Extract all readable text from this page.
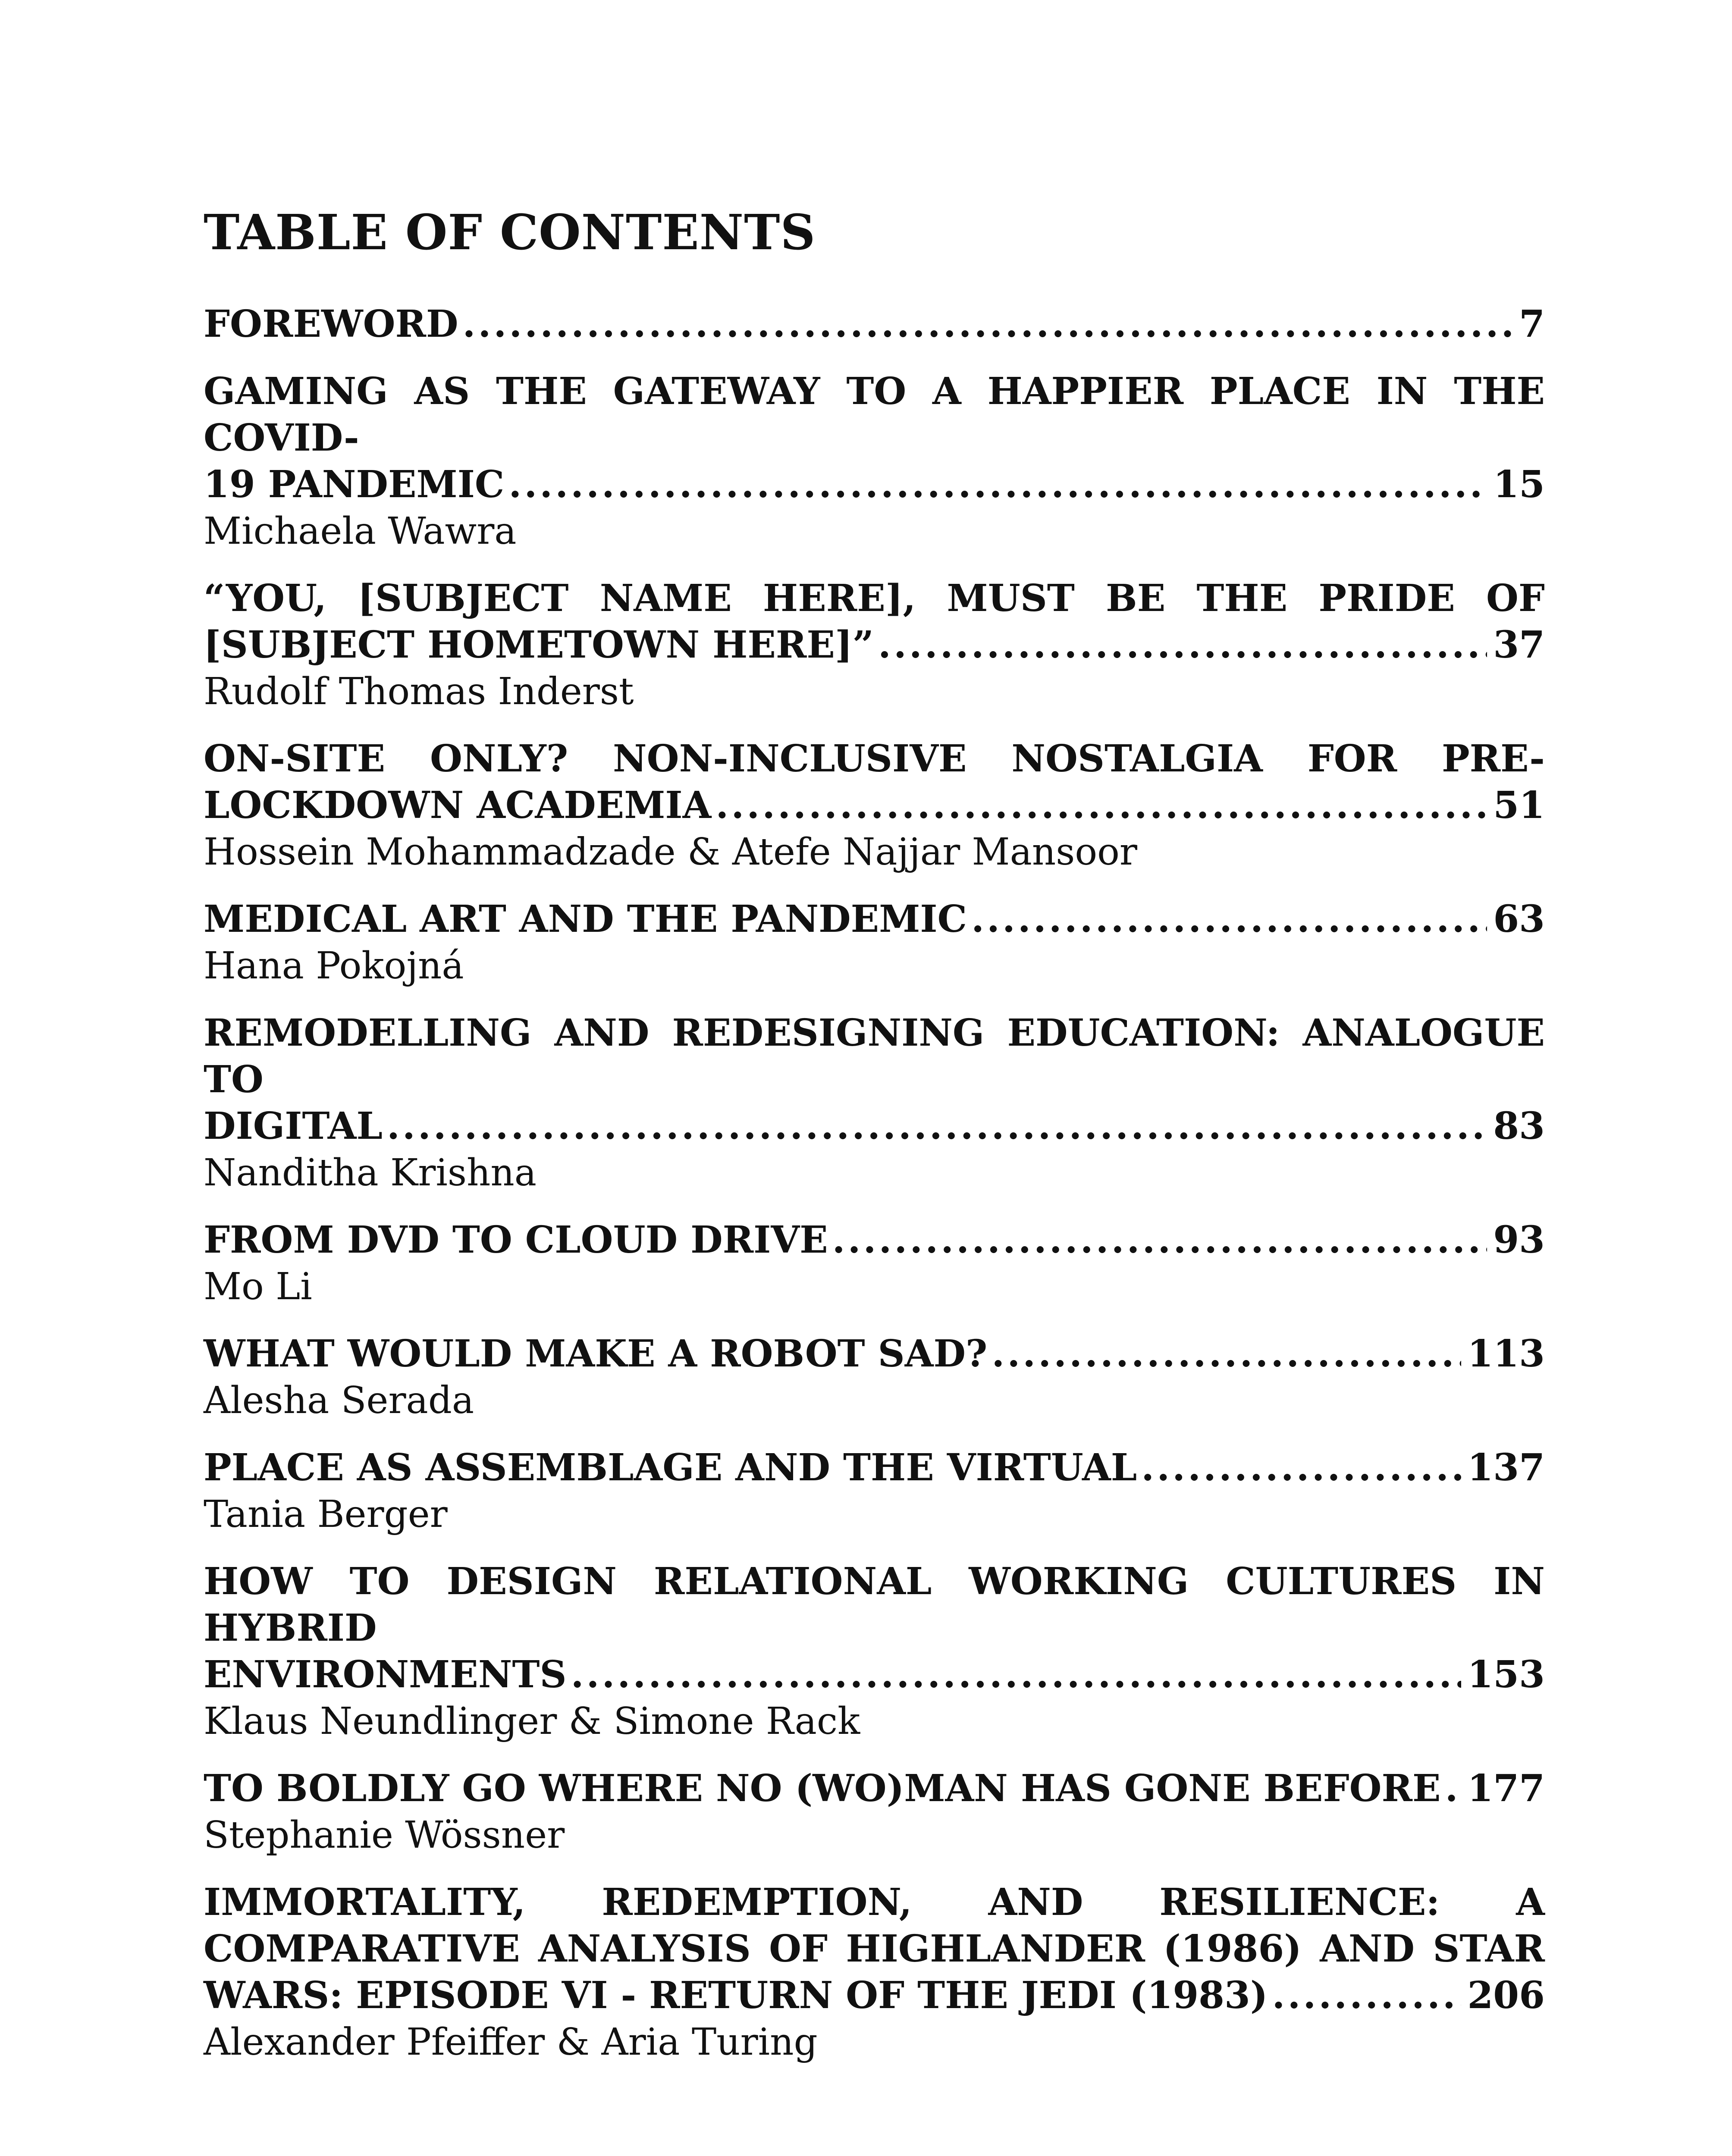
TABLE OF CONTENTS
FOREWORD .....	7
GAMING AS THE GATEWAY TO A HAPPIER PLACE IN THE COVID-
19 PANDEMIC .....	15
Michaela Wawra
“YOU, [SUBJECT NAME HERE], MUST BE THE PRIDE OF
[SUBJECT HOMETOWN HERE]” .....	37
Rudolf Thomas Inderst
ON-SITE ONLY? NON-INCLUSIVE NOSTALGIA FOR PRE-
LOCKDOWN ACADEMIA .....	51
Hossein Mohammadzade & Atefe Najjar Mansoor
MEDICAL ART AND THE PANDEMIC .....	63
Hana Pokojná
REMODELLING AND REDESIGNING EDUCATION: ANALOGUE TO
DIGITAL .....	83
Nanditha Krishna
FROM DVD TO CLOUD DRIVE .....	93
Mo Li
WHAT WOULD MAKE A ROBOT SAD? .....	113
Alesha Serada
PLACE AS ASSEMBLAGE AND THE VIRTUAL .....	137
Tania Berger
HOW TO DESIGN RELATIONAL WORKING CULTURES IN HYBRID
ENVIRONMENTS .....	153
Klaus Neundlinger & Simone Rack
TO BOLDLY GO WHERE NO (WO)MAN HAS GONE BEFORE ..... 177
Stephanie Wössner
IMMORTALITY, REDEMPTION, AND RESILIENCE: A
COMPARATIVE ANALYSIS OF HIGHLANDER (1986) AND STAR
WARS: EPISODE VI - RETURN OF THE JEDI (1983) .....	206
Alexander Pfeiffer & Aria Turing
